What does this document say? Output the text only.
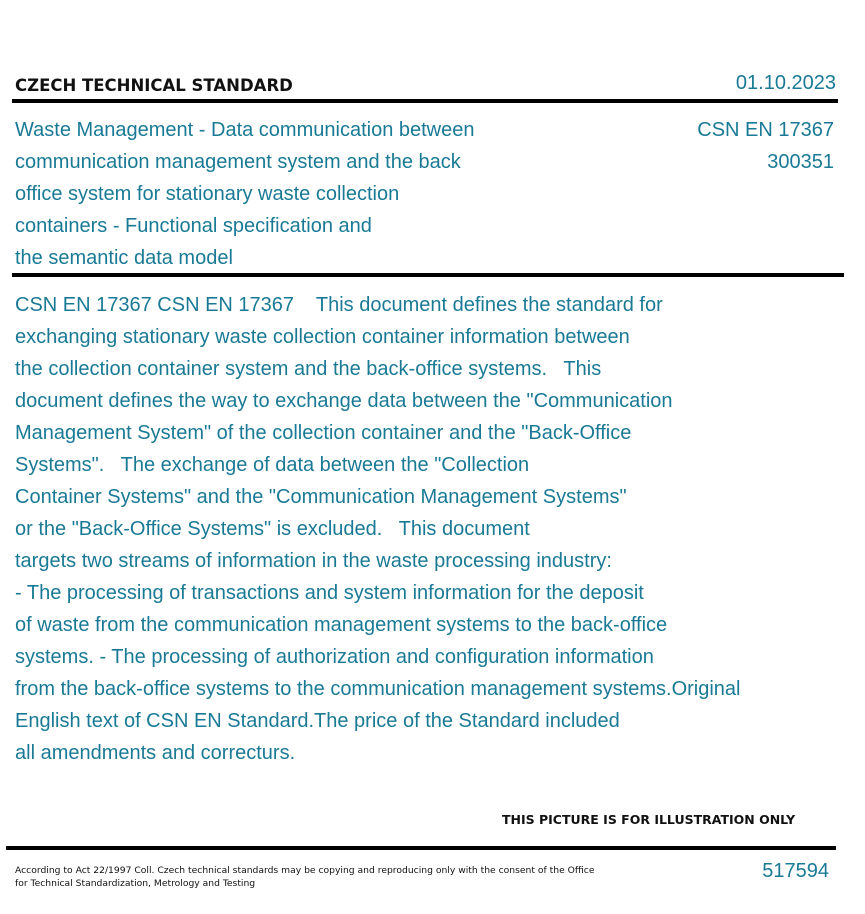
CZECH TECHNICAL STANDARD	01.10.2023
Waste Management - Data communication between
communication management system and the back
office system for stationary waste collection
containers - Functional specification and
the semantic data model
CSN EN 17367
300351
CSN EN 17367 CSN EN 17367    This document defines the standard for
exchanging stationary waste collection container information between
the collection container system and the back-office systems.   This
document defines the way to exchange data between the "Communication
Management System" of the collection container and the "Back-Office
Systems".   The exchange of data between the "Collection
Container Systems" and the "Communication Management Systems"
or the "Back-Office Systems" is excluded.   This document
targets two streams of information in the waste processing industry:
- The processing of transactions and system information for the deposit
of waste from the communication management systems to the back-office
systems. - The processing of authorization and configuration information
from the back-office systems to the communication management systems.Original
English text of CSN EN Standard.The price of the Standard included
all amendments and correcturs.
THIS PICTURE IS FOR ILLUSTRATION ONLY
According to Act 22/1997 Coll. Czech technical standards may be copying and reproducing only with the consent of the Office
for Technical Standardization, Metrology and Testing
517594
